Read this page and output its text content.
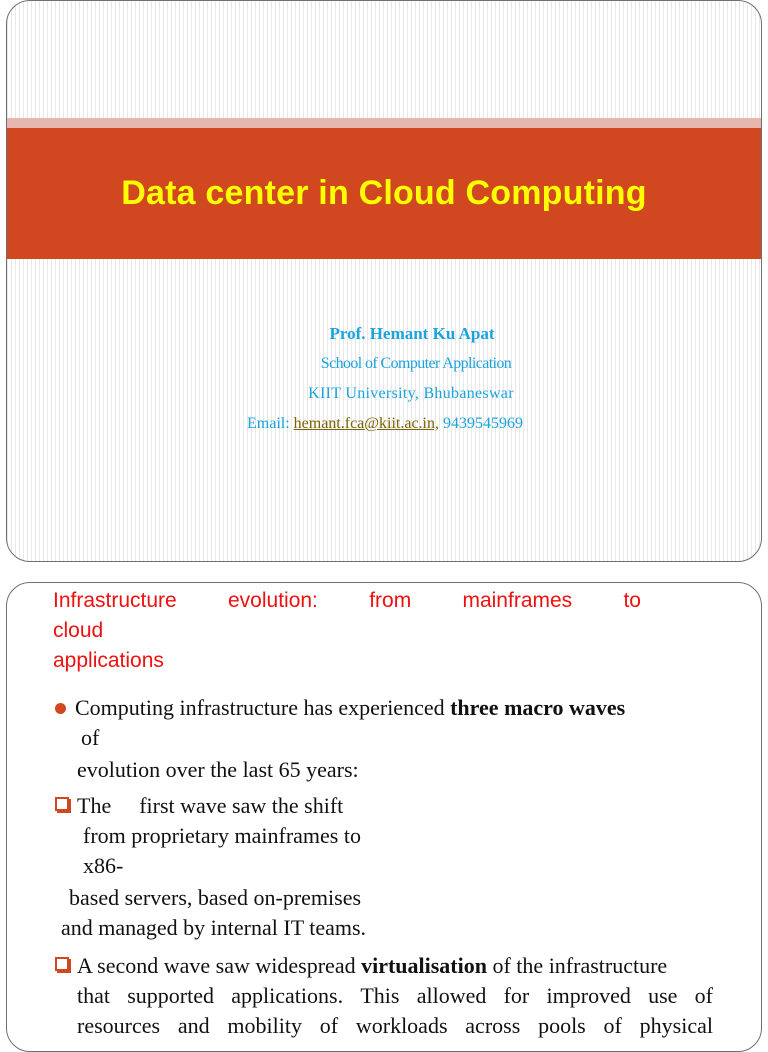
Data center in Cloud Computing
Prof. Hemant Ku Apat
School of Computer Application
KIIT University, Bhubaneswar
Email: hemant.fca@kiit.ac.in, 9439545969
Infrastructure evolution: from mainframes to
cloud
applications
Computing infrastructure has experienced three macro waves
of
evolution over the last 65 years:
The first wave saw the shift
from proprietary mainframes to
x86-
based servers, based on-premises
and managed by internal IT teams.
A second wave saw widespread virtualisation of the infrastructure
that supported applications. This allowed for improved use of
resources and mobility of workloads across pools of physical
